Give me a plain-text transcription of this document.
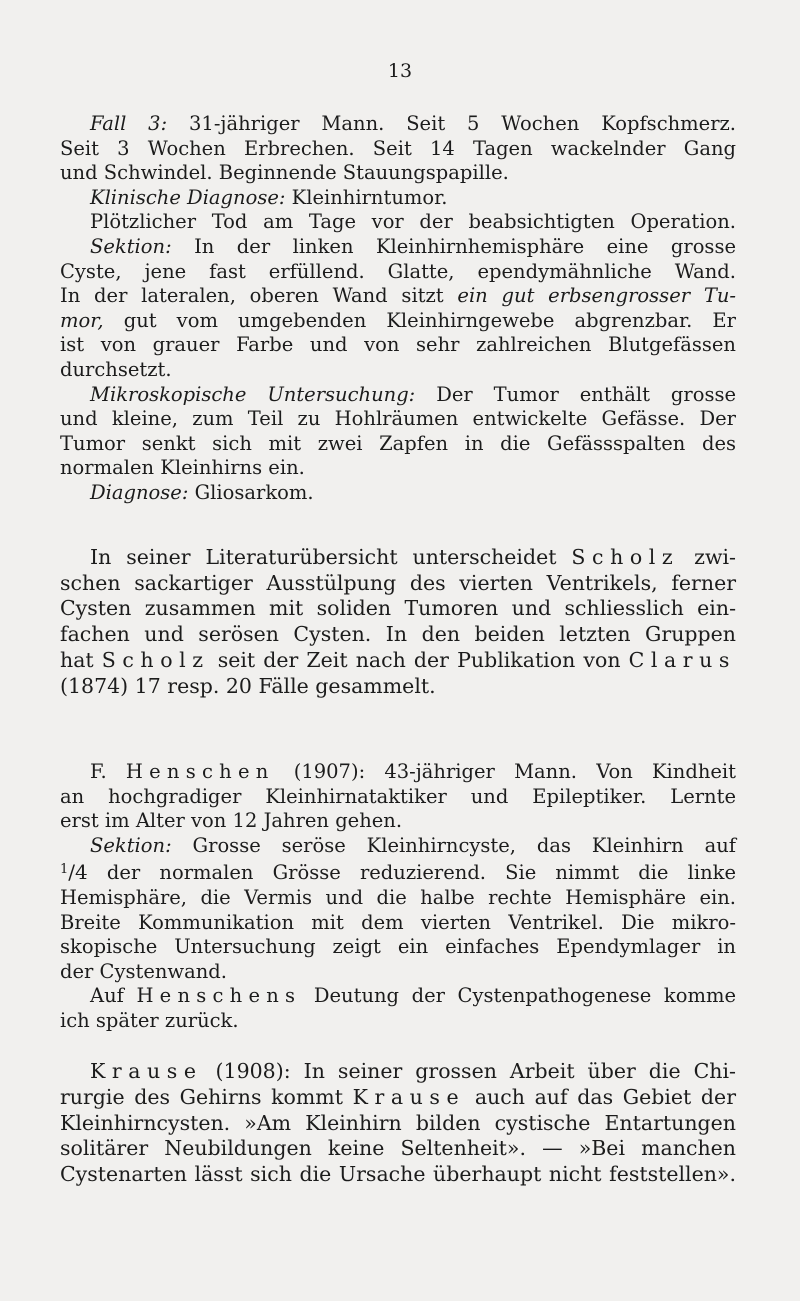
13
Fall 3: 31-jähriger Mann. Seit 5 Wochen Kopfschmerz.
Seit 3 Wochen Erbrechen. Seit 14 Tagen wackelnder Gang
und Schwindel. Beginnende Stauungspapille.
Klinische Diagnose: Kleinhirntumor.
Plötzlicher Tod am Tage vor der beabsichtigten Operation.
Sektion: In der linken Kleinhirnhemisphäre eine grosse
Cyste, jene fast erfüllend. Glatte, ependymähnliche Wand.
In der lateralen, oberen Wand sitzt ein gut erbsengrosser Tu-
mor, gut vom umgebenden Kleinhirngewebe abgrenzbar. Er
ist von grauer Farbe und von sehr zahlreichen Blutgefässen
durchsetzt.
Mikroskopische Untersuchung: Der Tumor enthält grosse
und kleine, zum Teil zu Hohlräumen entwickelte Gefässe. Der
Tumor senkt sich mit zwei Zapfen in die Gefässspalten des
normalen Kleinhirns ein.
Diagnose: Gliosarkom.
In seiner Literaturübersicht unterscheidet Scholz zwi-
schen sackartiger Ausstülpung des vierten Ventrikels, ferner
Cysten zusammen mit soliden Tumoren und schliesslich ein-
fachen und serösen Cysten. In den beiden letzten Gruppen
hat Scholz seit der Zeit nach der Publikation von Clarus
(1874) 17 resp. 20 Fälle gesammelt.
F. Henschen (1907): 43-jähriger Mann. Von Kindheit
an hochgradiger Kleinhirnataktiker und Epileptiker. Lernte
erst im Alter von 12 Jahren gehen.
Sektion: Grosse seröse Kleinhirncyste, das Kleinhirn auf
$^1$/4 der normalen Grösse reduzierend. Sie nimmt die linke
Hemisphäre, die Vermis und die halbe rechte Hemisphäre ein.
Breite Kommunikation mit dem vierten Ventrikel. Die mikro-
skopische Untersuchung zeigt ein einfaches Ependymlager in
der Cystenwand.
Auf Henschens Deutung der Cystenpathogenese komme
ich später zurück.
Krause (1908): In seiner grossen Arbeit über die Chi-
rurgie des Gehirns kommt Krause auch auf das Gebiet der
Kleinhirncysten. »Am Kleinhirn bilden cystische Entartungen
solitärer Neubildungen keine Seltenheit». — »Bei manchen
Cystenarten lässt sich die Ursache überhaupt nicht feststellen».
